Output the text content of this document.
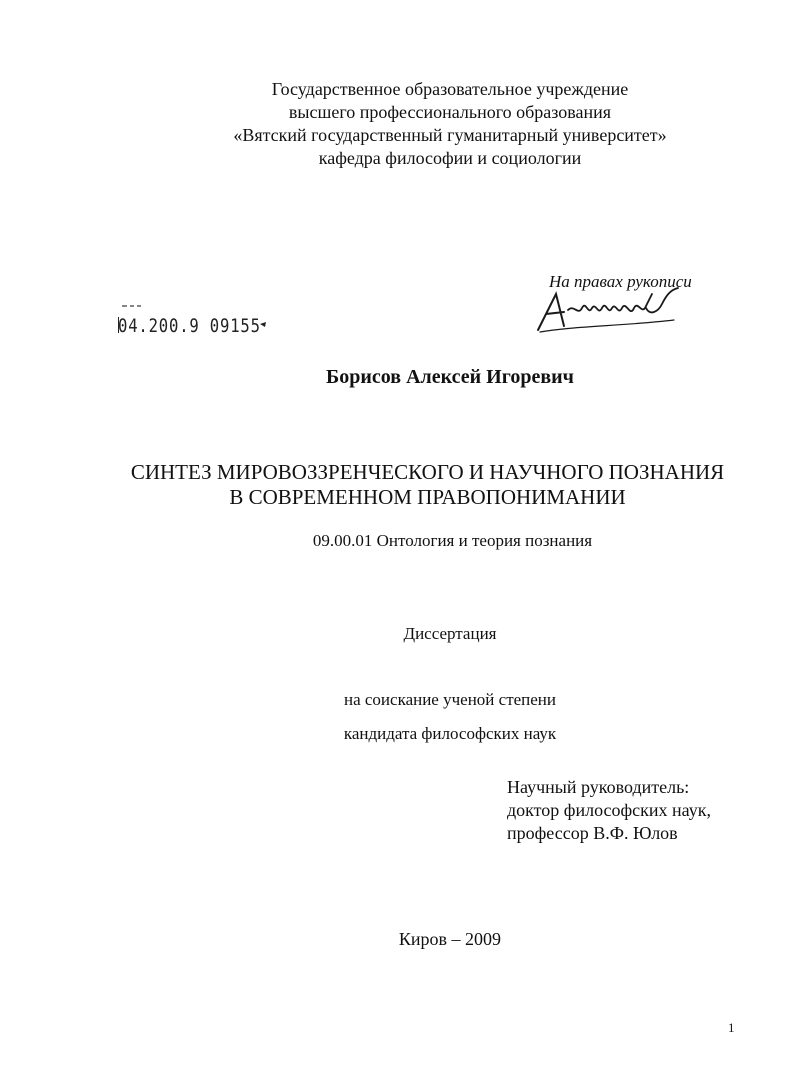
Государственное образовательное учреждение
высшего профессионального образования
«Вятский государственный гуманитарный университет»
кафедра философии и социологии
На правах рукописи
04.200.9 09155
Борисов Алексей Игоревич
СИНТЕЗ МИРОВОЗЗРЕНЧЕСКОГО И НАУЧНОГО ПОЗНАНИЯ
В СОВРЕМЕННОМ ПРАВОПОНИМАНИИ
09.00.01 Онтология и теория познания
Диссертация
на соискание ученой степени
кандидата философских наук
Научный руководитель:
доктор философских наук,
профессор В.Ф. Юлов
Киров – 2009
1
